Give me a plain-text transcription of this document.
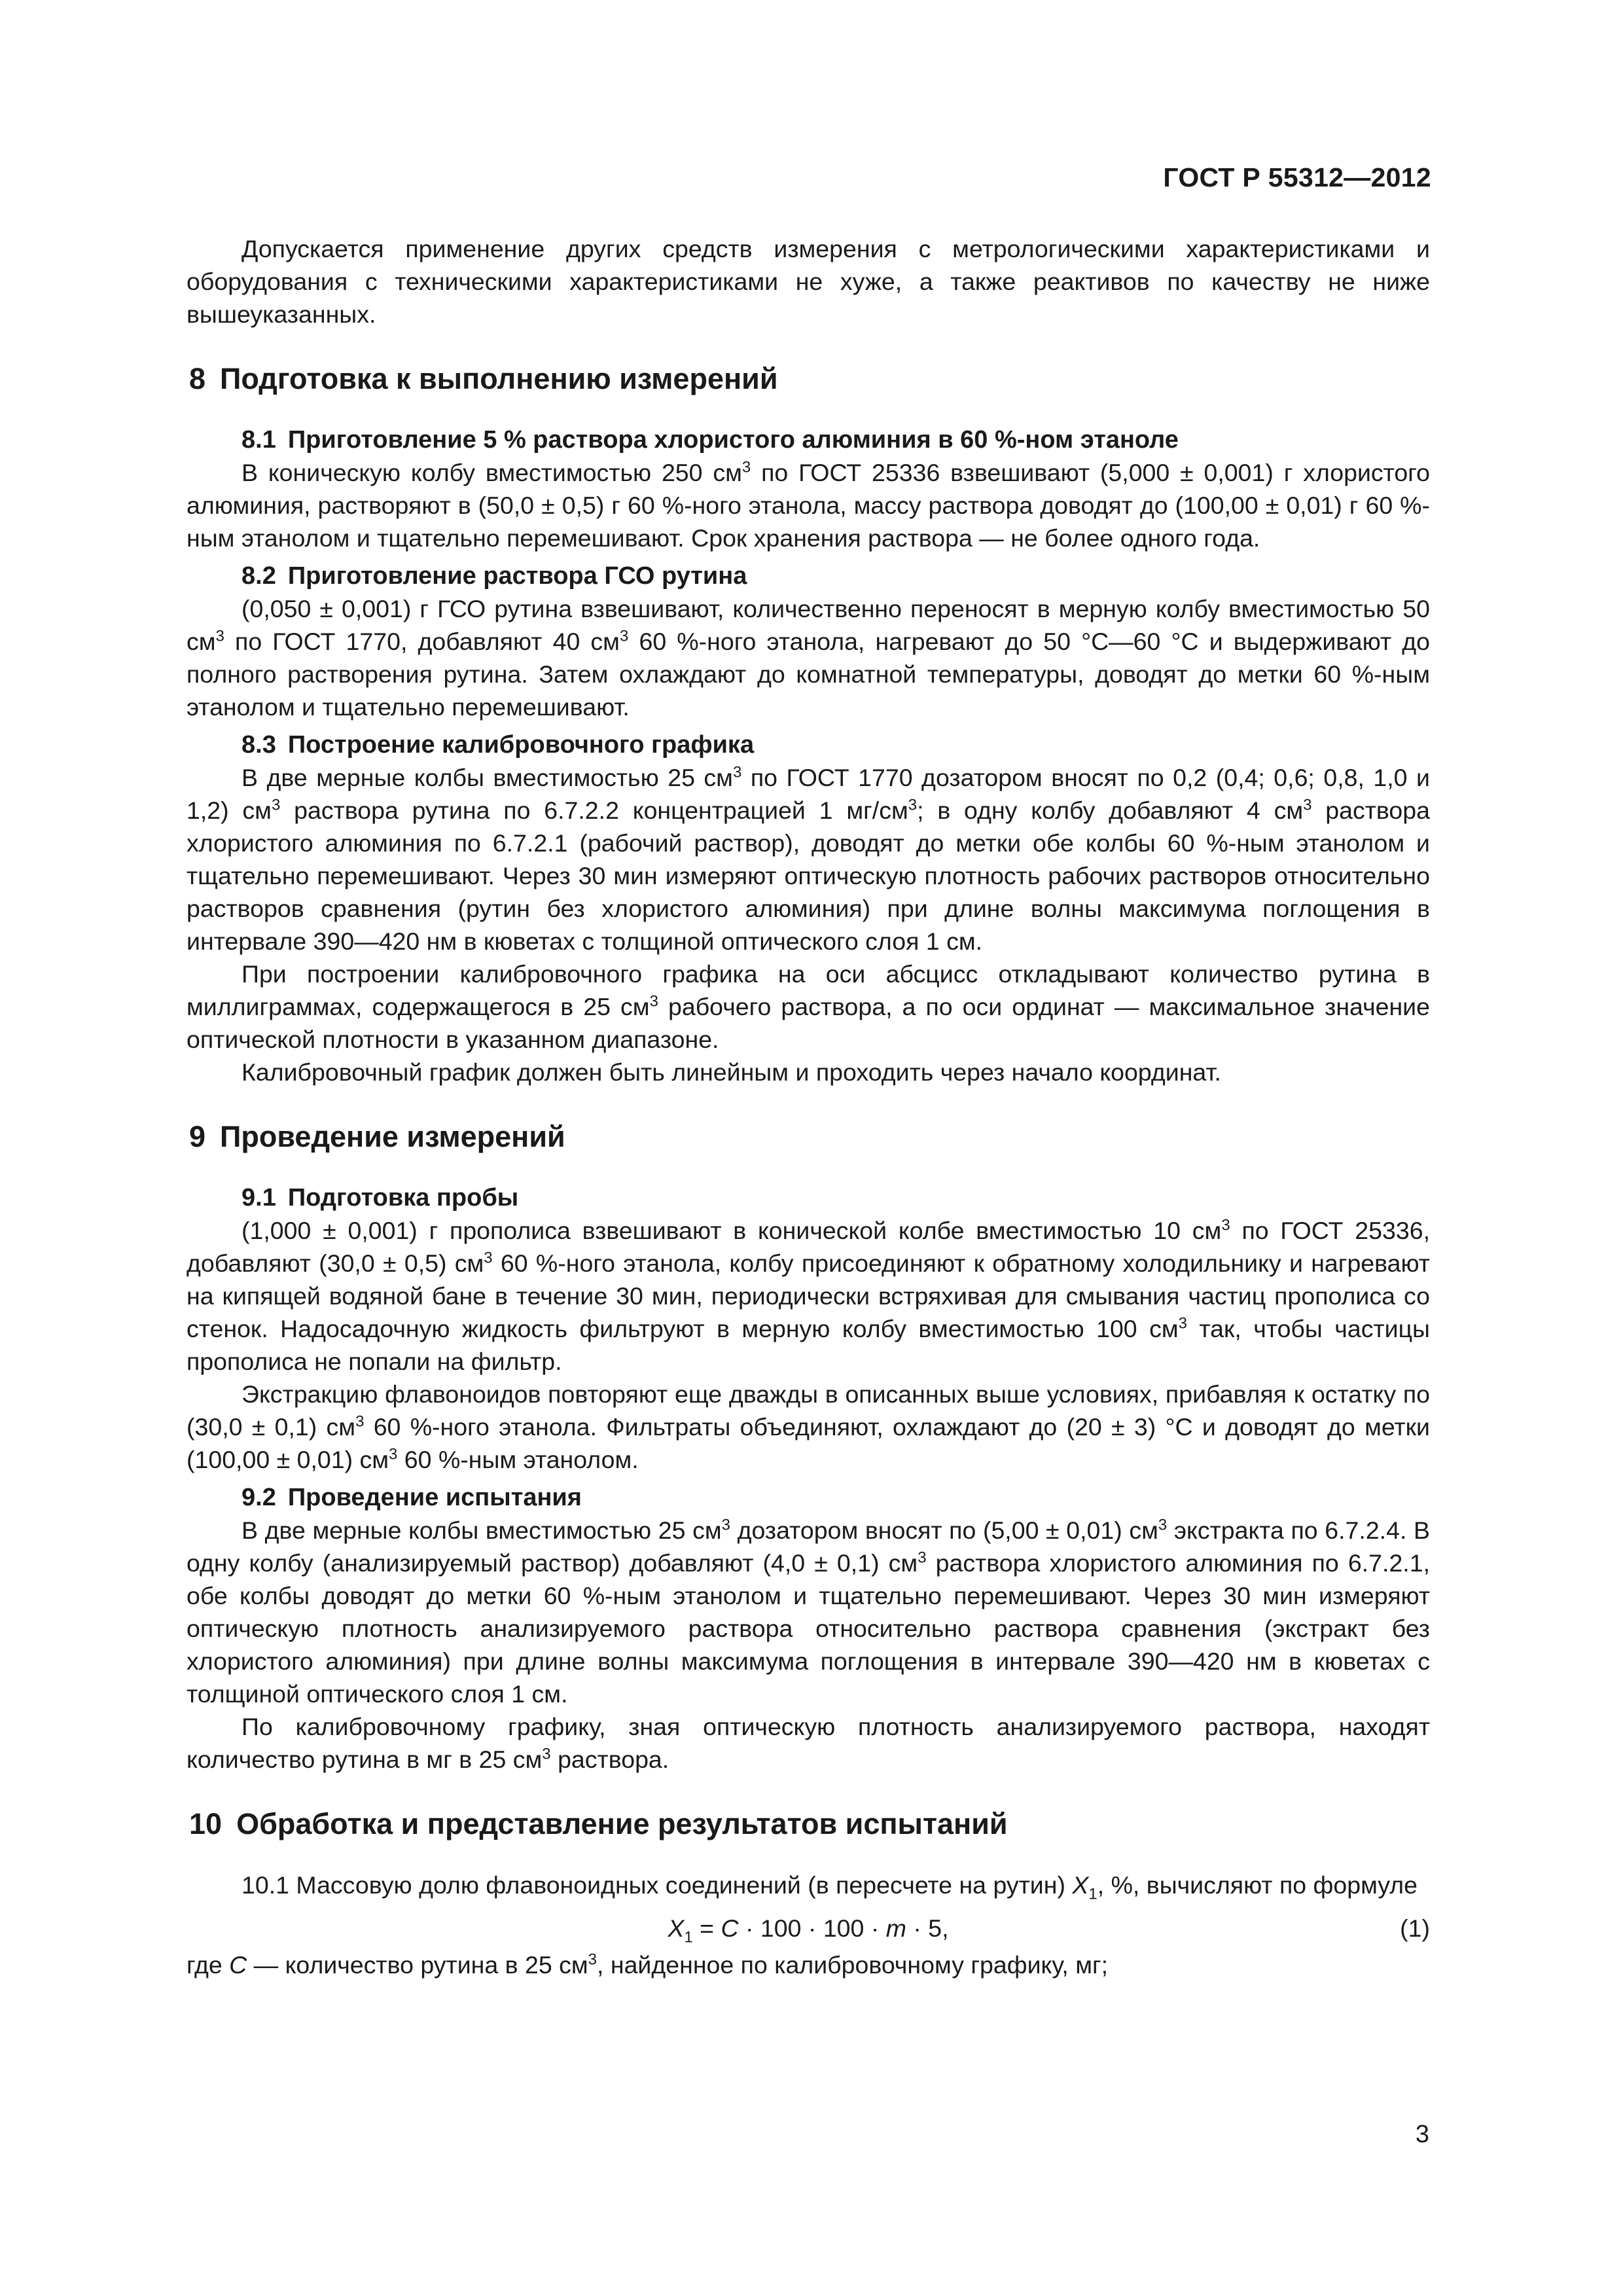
ГОСТ Р 55312—2012

Допускается применение других средств измерения с метрологическими характеристиками и оборудования с техническими характеристиками не хуже, а также реактивов по качеству не ниже вышеуказанных.

8 Подготовка к выполнению измерений
8.1 Приготовление 5 % раствора хлористого алюминия в 60 %-ном этаноле

В коническую колбу вместимостью 250 $см^3$ по ГОСТ 25336 взвешивают (5,000 ± 0,001) г хлористого алюминия, растворяют в (50,0 ± 0,5) г 60 %-ного этанола, массу раствора доводят до (100,00 ± 0,01) г 60 %-ным этанолом и тщательно перемешивают. Срок хранения раствора — не более одного года.

8.2 Приготовление раствора ГСО рутина

(0,050 ± 0,001) г ГСО рутина взвешивают, количественно переносят в мерную колбу вместимостью 50 $см^3$ по ГОСТ 1770, добавляют 40 $см^3$ 60 %-ного этанола, нагревают до 50 °С—60 °С и выдерживают до полного растворения рутина. Затем охлаждают до комнатной температуры, доводят до метки 60 %-ным этанолом и тщательно перемешивают.

8.3 Построение калибровочного графика

В две мерные колбы вместимостью 25 $см^3$ по ГОСТ 1770 дозатором вносят по 0,2 (0,4; 0,6; 0,8, 1,0 и 1,2) $см^3$ раствора рутина по 6.7.2.2 концентрацией 1 $мг/см^3$; в одну колбу добавляют 4 $см^3$ раствора хлористого алюминия по 6.7.2.1 (рабочий раствор), доводят до метки обе колбы 60 %-ным этанолом и тщательно перемешивают. Через 30 мин измеряют оптическую плотность рабочих растворов относительно растворов сравнения (рутин без хлористого алюминия) при длине волны максимума поглощения в интервале 390—420 нм в кюветах с толщиной оптического слоя 1 см.

При построении калибровочного графика на оси абсцисс откладывают количество рутина в миллиграммах, содержащегося в 25 $см^3$ рабочего раствора, а по оси ординат — максимальное значение оптической плотности в указанном диапазоне.

Калибровочный график должен быть линейным и проходить через начало координат.

9 Проведение измерений
9.1 Подготовка пробы

(1,000 ± 0,001) г прополиса взвешивают в конической колбе вместимостью 10 $см^3$ по ГОСТ 25336, добавляют (30,0 ± 0,5) $см^3$ 60 %-ного этанола, колбу присоединяют к обратному холодильнику и нагревают на кипящей водяной бане в течение 30 мин, периодически встряхивая для смывания частиц прополиса со стенок. Надосадочную жидкость фильтруют в мерную колбу вместимостью 100 $см^3$ так, чтобы частицы прополиса не попали на фильтр.

Экстракцию флавоноидов повторяют еще дважды в описанных выше условиях, прибавляя к остатку по (30,0 ± 0,1) $см^3$ 60 %-ного этанола. Фильтраты объединяют, охлаждают до (20 ± 3) °С и доводят до метки (100,00 ± 0,01) $см^3$ 60 %-ным этанолом.

9.2 Проведение испытания

В две мерные колбы вместимостью 25 $см^3$ дозатором вносят по (5,00 ± 0,01) $см^3$ экстракта по 6.7.2.4. В одну колбу (анализируемый раствор) добавляют (4,0 ± 0,1) $см^3$ раствора хлористого алюминия по 6.7.2.1, обе колбы доводят до метки 60 %-ным этанолом и тщательно перемешивают. Через 30 мин измеряют оптическую плотность анализируемого раствора относительно раствора сравнения (экстракт без хлористого алюминия) при длине волны максимума поглощения в интервале 390—420 нм в кюветах с толщиной оптического слоя 1 см.

По калибровочному графику, зная оптическую плотность анализируемого раствора, находят количество рутина в мг в 25 $см^3$ раствора.

10 Обработка и представление результатов испытаний

10.1 Массовую долю флавоноидных соединений (в пересчете на рутин) $X_1$, %, вычисляют по формуле

$X_1 = C \cdot 100 \cdot 100 \cdot m \cdot 5$,	(1)

где C — количество рутина в 25 $см^3$, найденное по калибровочному графику, мг;

3
